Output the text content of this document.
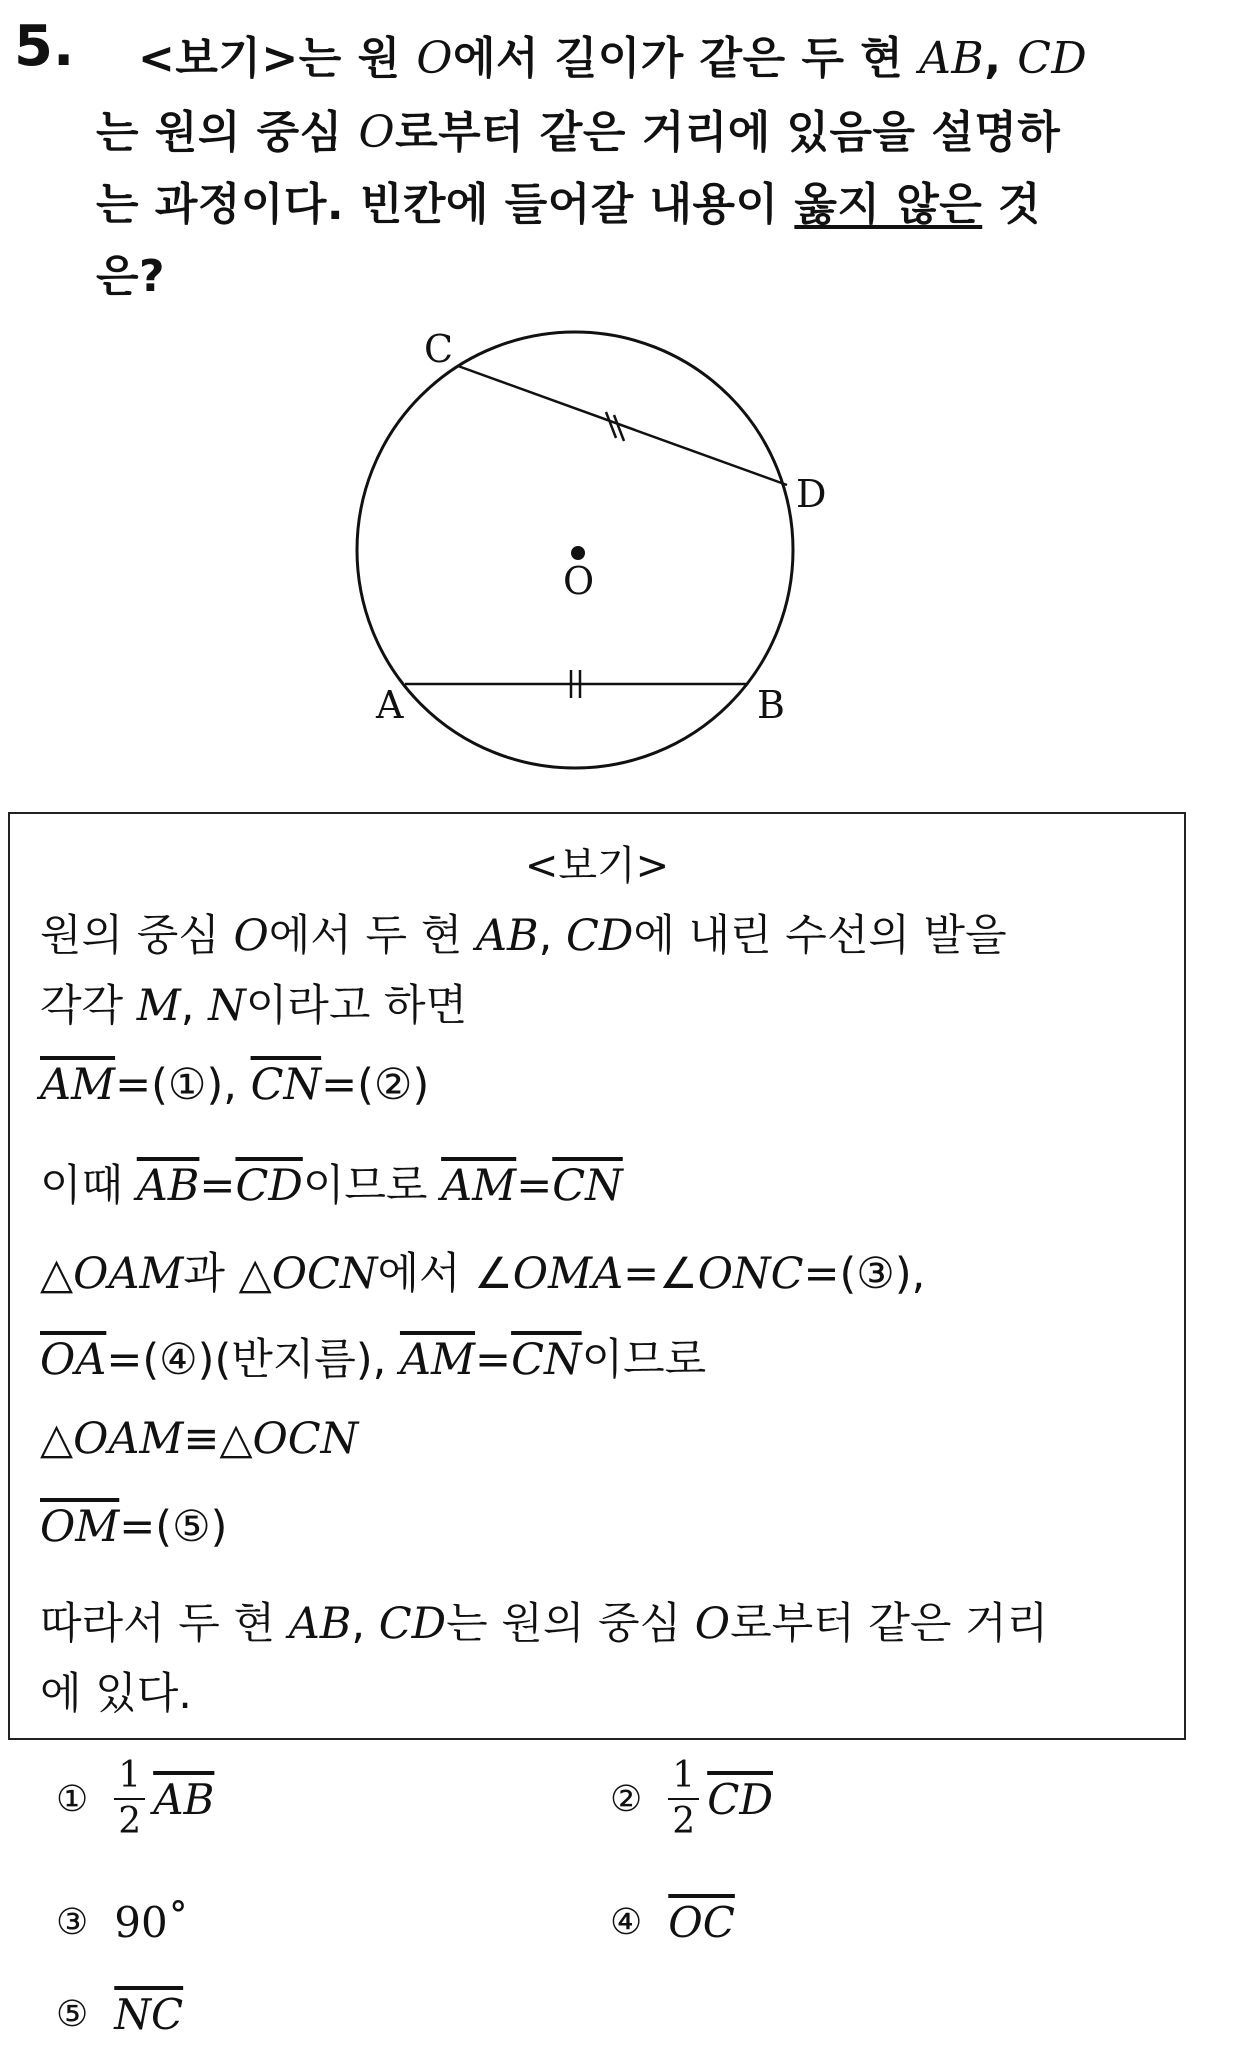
5. <보기>는 원 O에서 길이가 같은 두 현 AB, CD
는 원의 중심 O로부터 같은 거리에 있음을 설명하
는 과정이다. 빈칸에 들어갈 내용이 옳지 않은 것
은?
C
D
O
A	B
<보기>
원의 중심 O에서 두 현 AB, CD에 내린 수선의 발을
각각 M, N이라고 하면
$\overline{AM}=(①)$, $\overline{CN}=(②)$
이때 $\overline{AB}=\overline{CD}$이므로 $\overline{AM}=\overline{CN}$
△OAM과 △OCN에서 ∠OMA=∠ONC=(③),
$\overline{OA}=(④)$(반지름), $\overline{AM}=\overline{CN}$이므로
△OAM≡△OCN
$\overline{OM}=(⑤)$
따라서 두 현 AB, CD는 원의 중심 O로부터 같은 거리
에 있다.
① $\frac{1}{2} \overline{AB}$	② $\frac{1}{2} \overline{CD}$
③ 90˚	④ $\overline{OC}$
⑤ $\overline{NC}$
